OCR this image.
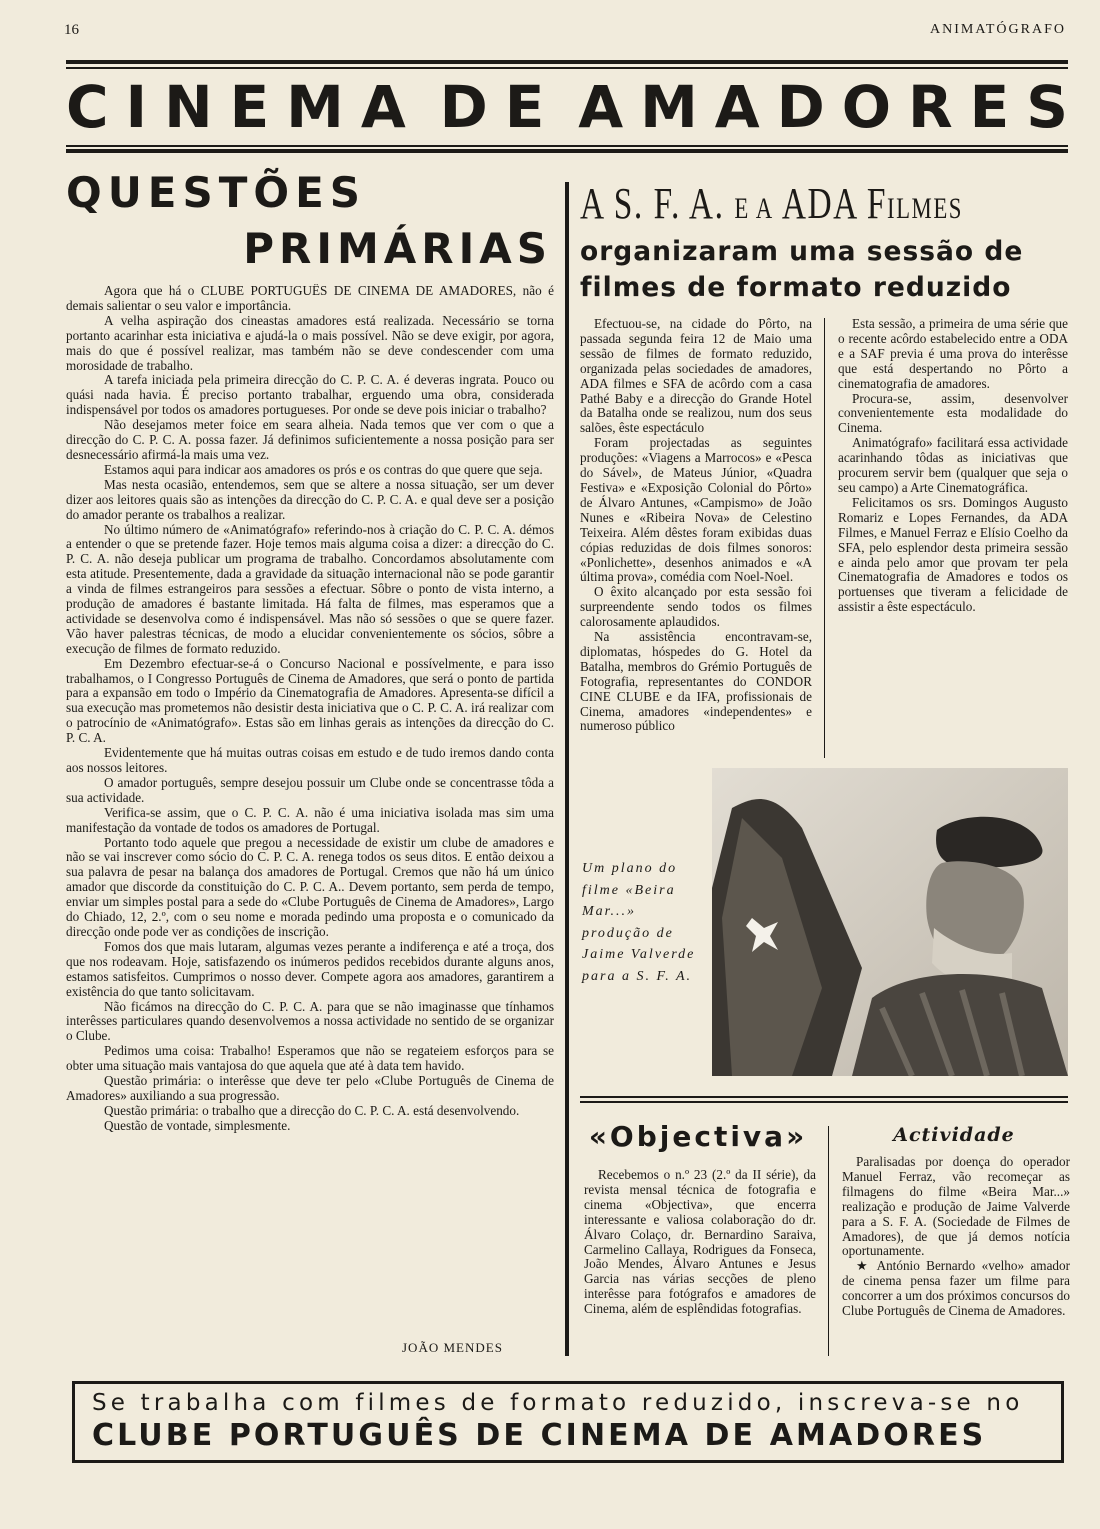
16	ANIMATÓGRAFO
C I N E M A D E A M A D O R E S
QUESTÕES
PRIMÁRIAS

Agora que há o CLUBE PORTUGUÊS DE CINEMA DE AMADORES, não é demais salientar o seu valor e importância.

A velha aspiração dos cineastas amadores está realizada. Necessário se torna portanto acarinhar esta iniciativa e ajudá-la o mais possível. Não se deve exigir, por agora, mais do que é possível realizar, mas também não se deve condescender com uma morosidade de trabalho.

A tarefa iniciada pela primeira direcção do C. P. C. A. é deveras ingrata. Pouco ou quási nada havia. É preciso portanto trabalhar, erguendo uma obra, considerada indispensável por todos os amadores portugueses. Por onde se deve pois iniciar o trabalho?

Não desejamos meter foice em seara alheia. Nada temos que ver com o que a direcção do C. P. C. A. possa fazer. Já definimos suficientemente a nossa posição para ser desnecessário afirmá-la mais uma vez.

Estamos aqui para indicar aos amadores os prós e os contras do que quere que seja.

Mas nesta ocasião, entendemos, sem que se altere a nossa situação, ser um dever dizer aos leitores quais são as intenções da direcção do C. P. C. A. e qual deve ser a posição do amador perante os trabalhos a realizar.

No último número de «Animatógrafo» referindo-nos à criação do C. P. C. A. démos a entender o que se pretende fazer. Hoje temos mais alguma coisa a dizer: a direcção do C. P. C. A. não deseja publicar um programa de trabalho. Concordamos absolutamente com esta atitude. Presentemente, dada a gravidade da situação internacional não se pode garantir a vinda de filmes estrangeiros para sessões a efectuar. Sôbre o ponto de vista interno, a produção de amadores é bastante limitada. Há falta de filmes, mas esperamos que a actividade se desenvolva como é indispensável. Mas não só sessões o que se quere fazer. Vão haver palestras técnicas, de modo a elucidar convenientemente os sócios, sôbre a execução de filmes de formato reduzido.

Em Dezembro efectuar-se-á o Concurso Nacional e possívelmente, e para isso trabalhamos, o I Congresso Português de Cinema de Amadores, que será o ponto de partida para a expansão em todo o Império da Cinematografia de Amadores. Apresenta-se difícil a sua execução mas prometemos não desistir desta iniciativa que o C. P. C. A. irá realizar com o patrocínio de «Animatógrafo». Estas são em linhas gerais as intenções da direcção do C. P. C. A.

Evidentemente que há muitas outras coisas em estudo e de tudo iremos dando conta aos nossos leitores.

O amador português, sempre desejou possuir um Clube onde se concentrasse tôda a sua actividade.

Verifica-se assim, que o C. P. C. A. não é uma iniciativa isolada mas sim uma manifestação da vontade de todos os amadores de Portugal.

Portanto todo aquele que pregou a necessidade de existir um clube de amadores e não se vai inscrever como sócio do C. P. C. A. renega todos os seus ditos. E então deixou a sua palavra de pesar na balança dos amadores de Portugal. Cremos que não há um único amador que discorde da constituição do C. P. C. A.. Devem portanto, sem perda de tempo, enviar um simples postal para a sede do «Clube Português de Cinema de Amadores», Largo do Chiado, 12, 2.º, com o seu nome e morada pedindo uma proposta e o comunicado da direcção onde pode ver as condições de inscrição.

Fomos dos que mais lutaram, algumas vezes perante a indiferença e até a troça, dos que nos rodeavam. Hoje, satisfazendo os inúmeros pedidos recebidos durante alguns anos, estamos satisfeitos. Cumprimos o nosso dever. Compete agora aos amadores, garantirem a existência do que tanto solicitavam.

Não ficámos na direcção do C. P. C. A. para que se não imaginasse que tínhamos interêsses particulares quando desenvolvemos a nossa actividade no sentido de se organizar o Clube.

Pedimos uma coisa: Trabalho! Esperamos que não se regateiem esforços para se obter uma situação mais vantajosa do que aquela que até à data tem havido.

Questão primária: o interêsse que deve ter pelo «Clube Português de Cinema de Amadores» auxiliando a sua progressão.

Questão primária: o trabalho que a direcção do C. P. C. A. está desenvolvendo.

Questão de vontade, simplesmente.

JOÃO MENDES
A S. F. A. E A ADA FILMES
organizaram uma sessão de
filmes de formato reduzido

Efectuou-se, na cidade do Pôrto, na passada segunda feira 12 de Maio uma sessão de filmes de formato reduzido, organizada pelas sociedades de amadores, ADA filmes e SFA de acôrdo com a casa Pathé Baby e a direcção do Grande Hotel da Batalha onde se realizou, num dos seus salões, êste espectáculo

Foram projectadas as seguintes produções: «Viagens a Marrocos» e «Pesca do Sável», de Mateus Júnior, «Quadra Festiva» e «Exposição Colonial do Pôrto» de Álvaro Antunes, «Campismo» de João Nunes e «Ribeira Nova» de Celestino Teixeira. Além dêstes foram exibidas duas cópias reduzidas de dois filmes sonoros: «Ponlichette», desenhos animados e «A última prova», comédia com Noel-Noel.

O êxito alcançado por esta sessão foi surpreendente sendo todos os filmes calorosamente aplaudidos.

Na assistência encontravam-se, diplomatas, hóspedes do G. Hotel da Batalha, membros do Grémio Português de Fotografia, representantes do CONDOR CINE CLUBE e da IFA, profissionais de Cinema, amadores «independentes» e numeroso público

Esta sessão, a primeira de uma série que o recente acôrdo estabelecido entre a ODA e a SAF previa é uma prova do interêsse que está despertando no Pôrto a cinematografia de amadores.

Procura-se, assim, desenvolver convenientemente esta modalidade do Cinema.

Animatógrafo» facilitará essa actividade acarinhando tôdas as iniciativas que procurem servir bem (qualquer que seja o seu campo) a Arte Cinematográfica.

Felicitamos os srs. Domingos Augusto Romariz e Lopes Fernandes, da ADA Filmes, e Manuel Ferraz e Elísio Coelho da SFA, pelo esplendor desta primeira sessão e ainda pelo amor que provam ter pela Cinematografia de Amadores e todos os portuenses que tiveram a felicidade de assistir a êste espectáculo.

Um plano do filme «Beira Mar...» produção de Jaime Valverde para a S. F. A.
«Objectiva»

Recebemos o n.º 23 (2.º da II série), da revista mensal técnica de fotografia e cinema «Objectiva», que encerra interessante e valiosa colaboração do dr. Álvaro Colaço, dr. Bernardino Saraiva, Carmelino Callaya, Rodrigues da Fonseca, João Mendes, Álvaro Antunes e Jesus Garcia nas várias secções de pleno interêsse para fotógrafos e amadores de Cinema, além de esplêndidas fotografias.

Actividade

Paralisadas por doença do operador Manuel Ferraz, vão recomeçar as filmagens do filme «Beira Mar...» realização e produção de Jaime Valverde para a S. F. A. (Sociedade de Filmes de Amadores), de que já demos notícia oportunamente.

★ António Bernardo «velho» amador de cinema pensa fazer um filme para concorrer a um dos próximos concursos do Clube Português de Cinema de Amadores.

Se trabalha com filmes de formato reduzido, inscreva-se no
CLUBE PORTUGUÊS DE CINEMA DE AMADORES
